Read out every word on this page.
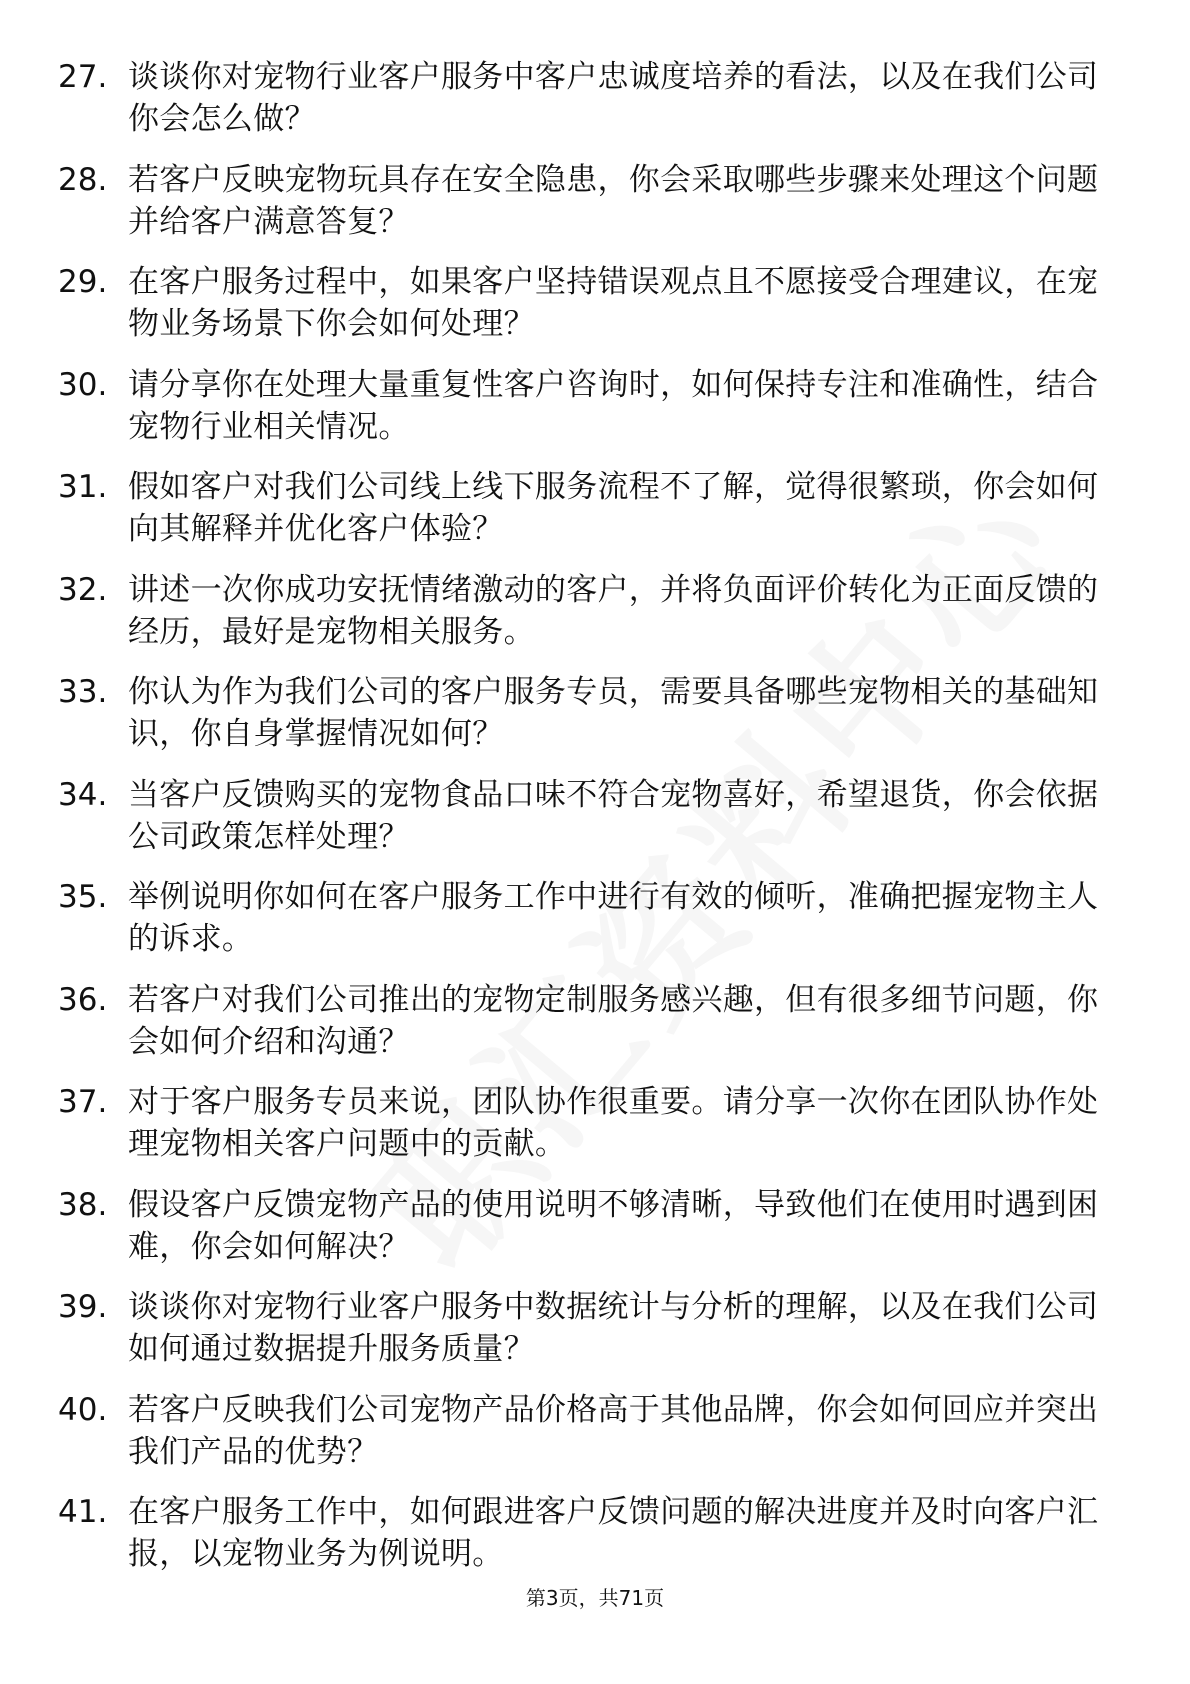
27. 谈谈你对宠物行业客户服务中客户忠诚度培养的看法，以及在我们公司你会怎么做？
28. 若客户反映宠物玩具存在安全隐患，你会采取哪些步骤来处理这个问题并给客户满意答复？
29. 在客户服务过程中，如果客户坚持错误观点且不愿接受合理建议，在宠物业务场景下你会如何处理？
30. 请分享你在处理大量重复性客户咨询时，如何保持专注和准确性，结合宠物行业相关情况。
31. 假如客户对我们公司线上线下服务流程不了解，觉得很繁琐，你会如何向其解释并优化客户体验？
32. 讲述一次你成功安抚情绪激动的客户，并将负面评价转化为正面反馈的经历，最好是宠物相关服务。
33. 你认为作为我们公司的客户服务专员，需要具备哪些宠物相关的基础知识，你自身掌握情况如何？
34. 当客户反馈购买的宠物食品口味不符合宠物喜好，希望退货，你会依据公司政策怎样处理？
35. 举例说明你如何在客户服务工作中进行有效的倾听，准确把握宠物主人的诉求。
36. 若客户对我们公司推出的宠物定制服务感兴趣，但有很多细节问题，你会如何介绍和沟通？
37. 对于客户服务专员来说，团队协作很重要。请分享一次你在团队协作处理宠物相关客户问题中的贡献。
38. 假设客户反馈宠物产品的使用说明不够清晰，导致他们在使用时遇到困难，你会如何解决？
39. 谈谈你对宠物行业客户服务中数据统计与分析的理解，以及在我们公司如何通过数据提升服务质量？
40. 若客户反映我们公司宠物产品价格高于其他品牌，你会如何回应并突出我们产品的优势？
41. 在客户服务工作中，如何跟进客户反馈问题的解决进度并及时向客户汇报，以宠物业务为例说明。
第3页，共71页
